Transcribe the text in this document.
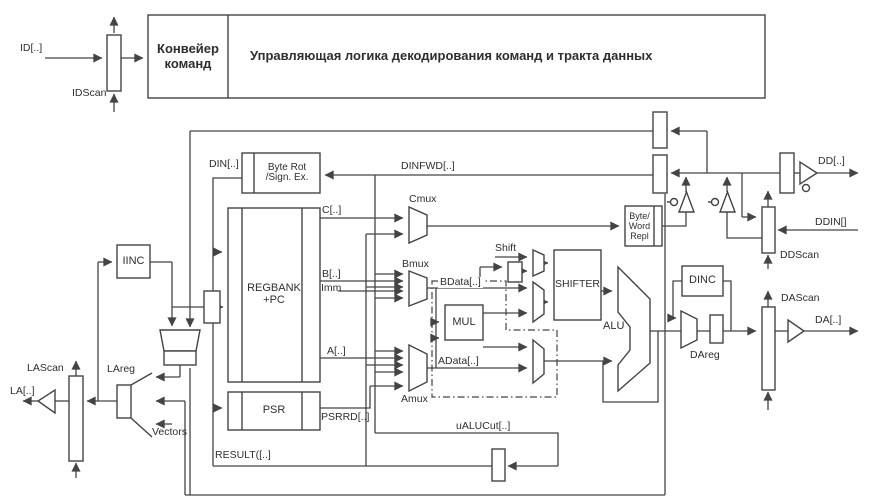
Конвейер
команд	Управляющая логика декодирования команд и тракта данных
ID[..]
IDScan
DIN[..]	Byte Rot
/Sign. Ex.
DINFWD[..]
Cmux
C[..]
B[..]
Imm
A[..]
Bmux
Amux
BData[..]
AData[..]
REGBANK
+PC
PSR
PSRRD[..]
IINC
Shift
SHIFTER
MUL	ALU
Byte/
Word
Repl
DINC
DAreg
DAScan
DA[..]
DD[..]
DDIN[]
DDScan
LAScan	LAreg
LA[..]
Vectors	uALUCut[..]
RESULT([..]
